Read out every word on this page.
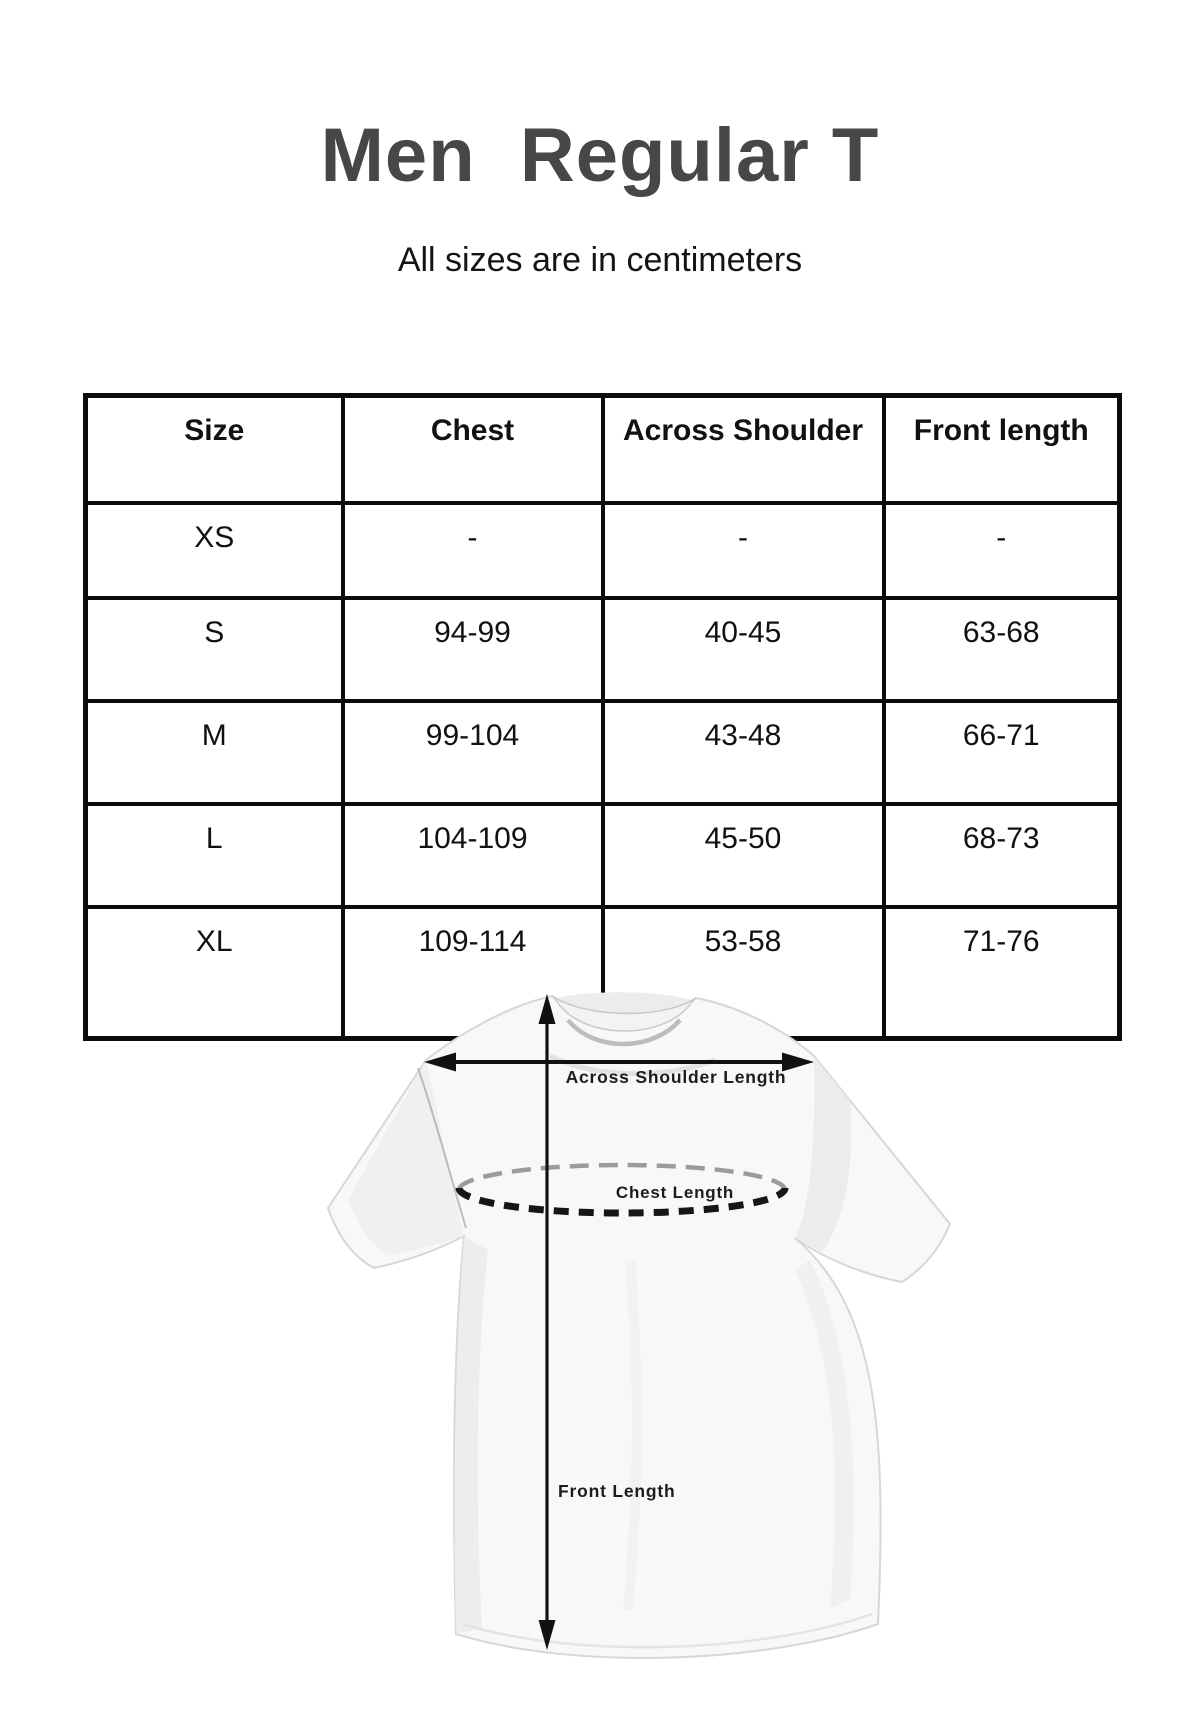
Men  Regular T
All sizes are in centimeters
Size	Chest	Across Shoulder	Front length
XS	-	-	-
S	94-99	40-45	63-68
M	99-104	43-48	66-71
L	104-109	45-50	68-73
XL	109-114	53-58	71-76
Across Shoulder Length
Chest Length
Front Length
